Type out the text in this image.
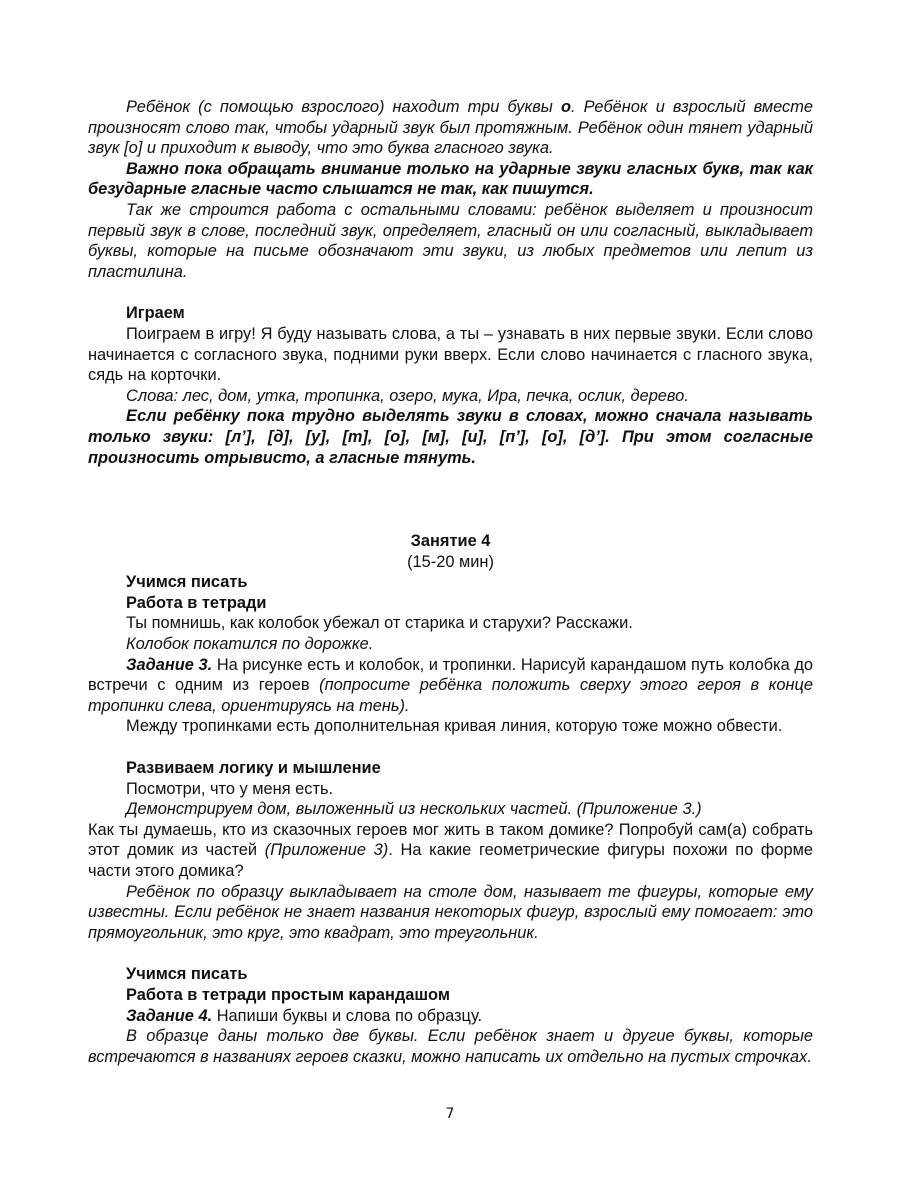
Ребёнок (с помощью взрослого) находит три буквы о. Ребёнок и взрослый вместе произносят слово так, чтобы ударный звук был протяжным. Ребёнок один тянет ударный звук [о] и приходит к выводу, что это буква гласного звука.
Важно пока обращать внимание только на ударные звуки гласных букв, так как безударные гласные часто слышатся не так, как пишутся.
Так же строится работа с остальными словами: ребёнок выделяет и произносит первый звук в слове, последний звук, определяет, гласный он или согласный, выкладывает буквы, которые на письме обозначают эти звуки, из любых предметов или лепит из пластилина.
Играем
Поиграем в игру! Я буду называть слова, а ты – узнавать в них первые звуки. Если слово начинается с согласного звука, подними руки вверх. Если слово начинается с гласного звука, сядь на корточки.
Слова: лес, дом, утка, тропинка, озеро, мука, Ира, печка, ослик, дерево.
Если ребёнку пока трудно выделять звуки в словах, можно сначала называть только звуки: [л’], [д], [у], [т], [о], [м], [и], [п’], [о], [д’]. При этом согласные произносить отрывисто, а гласные тянуть.
Занятие 4
(15-20 мин)
Учимся писать
Работа в тетради
Ты помнишь, как колобок убежал от старика и старухи? Расскажи.
Колобок покатился по дорожке.
Задание 3. На рисунке есть и колобок, и тропинки. Нарисуй карандашом путь колобка до встречи с одним из героев (попросите ребёнка положить сверху этого героя в конце тропинки слева, ориентируясь на тень).
Между тропинками есть дополнительная кривая линия, которую тоже можно обвести.
Развиваем логику и мышление
Посмотри, что у меня есть.
Демонстрируем дом, выложенный из нескольких частей. (Приложение 3.)
Как ты думаешь, кто из сказочных героев мог жить в таком домике? Попробуй сам(а) собрать этот домик из частей (Приложение 3). На какие геометрические фигуры похожи по форме части этого домика?
Ребёнок по образцу выкладывает на столе дом, называет те фигуры, которые ему известны. Если ребёнок не знает названия некоторых фигур, взрослый ему помогает: это прямоугольник, это круг, это квадрат, это треугольник.
Учимся писать
Работа в тетради простым карандашом
Задание 4. Напиши буквы и слова по образцу.
В образце даны только две буквы. Если ребёнок знает и другие буквы, которые встречаются в названиях героев сказки, можно написать их отдельно на пустых строчках.
7
